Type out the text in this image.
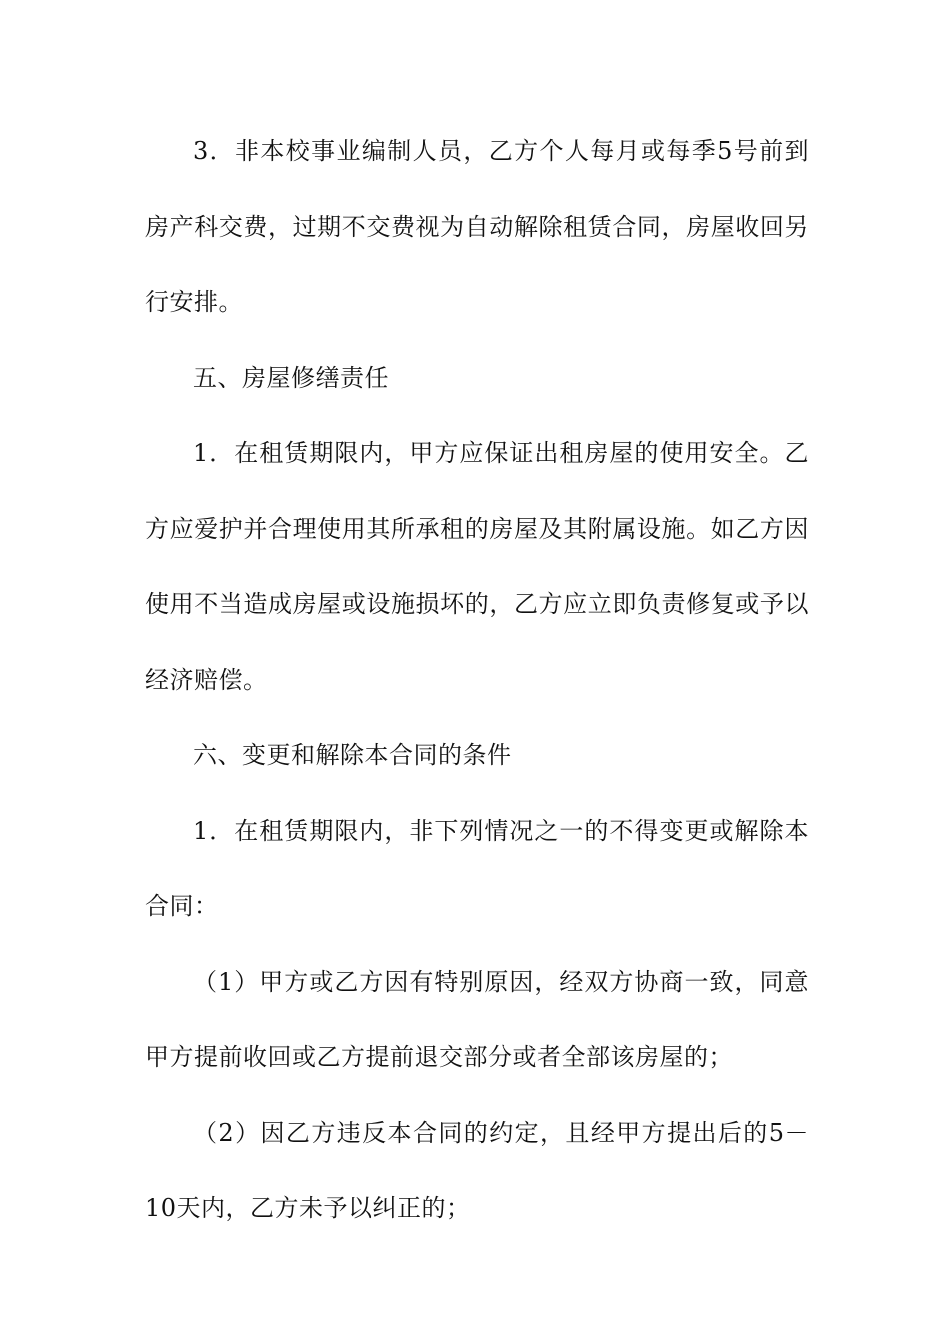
3．非本校事业编制人员，乙方个人每月或每季5号前到房产科交费，过期不交费视为自动解除租赁合同，房屋收回另行安排。

五、房屋修缮责任

1．在租赁期限内，甲方应保证出租房屋的使用安全。乙方应爱护并合理使用其所承租的房屋及其附属设施。如乙方因使用不当造成房屋或设施损坏的，乙方应立即负责修复或予以经济赔偿。

六、变更和解除本合同的条件

1．在租赁期限内，非下列情况之一的不得变更或解除本合同：

（1）甲方或乙方因有特别原因，经双方协商一致，同意甲方提前收回或乙方提前退交部分或者全部该房屋的；

（2）因乙方违反本合同的约定，且经甲方提出后的5－10天内，乙方未予以纠正的；
